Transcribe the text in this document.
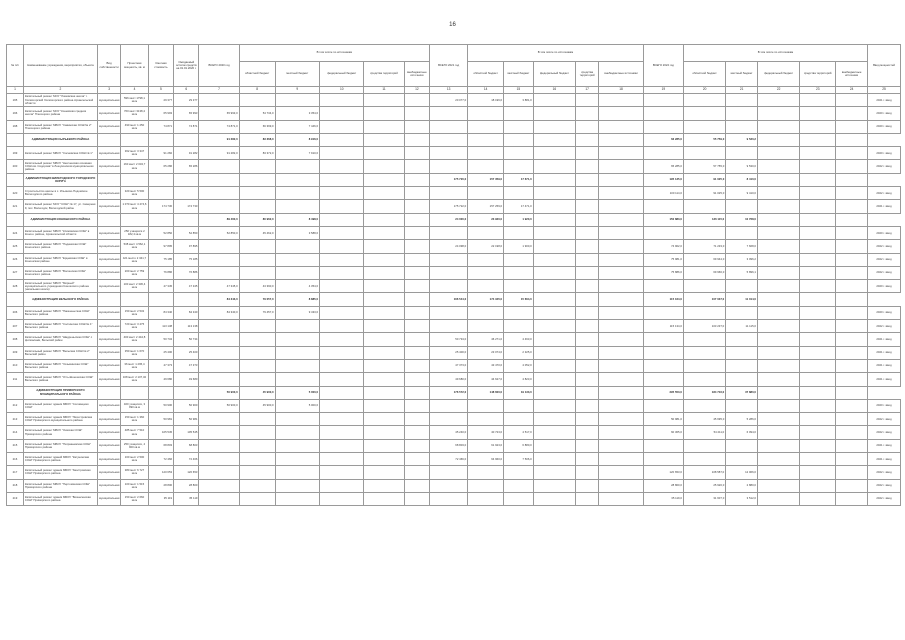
16
№ п/п	Наименование учреждения, мероприятия, объекта	Вид собственности	Проектная мощность, кв. м	Сметная стоимость	Ожидаемый остаток средств на 01.01.2020 г.	ВСЕГО 2020 год	В том числе по источникам					ВСЕГО 2021 год	В том числе по источникам					ВСЕГО 2022 год	В том числе по источникам					Ввод мощностей
							областной бюджет	местный бюджет	федеральный бюджет	средства территорий	внебюджетные источники		областной бюджет	местный бюджет	федеральный бюджет	средства территорий	внебюджетные источники		областной бюджет	местный бюджет	федеральный бюджет	средства территорий	внебюджетные источники	
1	2	3	4	5	6	7	8	9	10	11	12	13	14	15	16	17	18	19	20	21	22	23	24	25
195	Капитальный ремонт МОУ "Ломовская школа" г. Холмогорский Холмогорского района Архангельской области	муниципальная	596 мест 1798,1 кв.м	29 377	29 377							20 077,0	18 196,0	3 881,0										2021 г. ввод
196	Капитальный ремонт МОУ "Коневская средняя школа" Плесецкого района	муниципальная	760 мест 3138,4 кв.м	65 993	65 993	65 993,0	54 734,0	3 354,0																2020 г. ввод
198	Капитальный ремонт МБОУ "Савинская СОШ № 2" Плесецкого района	муниципальная	490 мест 1 250 кв.м	74 871	74 871	74 871,0	66 399,0	7 446,0																2020 г. ввод
	АДМИНИСТРАЦИЯ СЫРЬЕВОГО РАЙОНА					91 282,0	83 368,0	8 916,0										63 285,0	55 759,0	9 530,2				
199	Капитальный ремонт МБОУ "Сосновская СОШ № 1"	муниципальная	362 мест 3 347 кв.м	91 282	91 282	91 282,0	83 372,0	7 910,0																2020 г. ввод
200	Капитальный ремонт МБОУ "Нюхченская основная СОШ им. Сидорова" в Лешуконском муниципальном районе	муниципальная	160 мест 2 034,7 кв.м	65 286	65 286													65 285,0	57 755,0	9 530,0				2022 г. ввод
	АДМИНИСТРАЦИЯ ВИЛЕГОДСКОГО ГОРОДСКОГО ОКРУГА											175 720,0	157 359,0	17 671,0				195 135,0	91 025,0	8 410,0				
220	Строительство школы в с. Ильинско-Подомское Вилегодского района	муниципальная	320 мест 5 500 кв.м															100 114,0	91 025,0	9 410,0				2022 г. ввод
221	Капитальный ремонт МОУ "СОШ" № 17, ул. Северная 9, пос. Вилегодск, Вилегодский район	муниципальная	1 070 мест 4 474,6 кв.м	174 730	174 730							175 722,0	157 259,0	17 471,0										2021 г. ввод
	АДМИНИСТРАЦИЯ КОНОШСКОГО РАЙОНА					89 460,0	80 962,0	8 498,0				24 000,0	23 920,0	1 920,0				150 883,0	136 115,0	10 768,0				
224	Капитальный ремонт МБОУ "Климовская СОШ" в Конош. районе, Архангельской области	муниципальная	250 учащихся 2 182,4 кв.м	52 850	52 850	52 850,0	45 462,0	3 588,0																2020 г. ввод
225	Капитальный ремонт МБОУ "Подюжская СОШ" Коношского района	муниципальная	538 мест 4 562,1 кв.м	97 895	97 895							24 098,0	22 198,0	1 900,0				74 902,0	71 233,0	7 668,0				2022 г. ввод
226	Капитальный ремонт МБОУ "Ерцевская СОШ" в Коношском районе	муниципальная	421 место 2 341,7 кв.м	75 185	75 185													75 981,0	69 944,0	3 096,2				2022 г. ввод
227	Капитальный ремонт МБОУ "Волошская СОШ" Коношского района	муниципальная	200 мест 2 759 кв.м	76 886	76 886													75 886,0	69 966,0	5 896,1				2022 г. ввод
228	Капитальный ремонт МБОУ "Мирный" муниципального учреждения Коношского района (начальная школа)	муниципальная	100 мест 2 336,4 кв.м	47 345	47 345	47 345,0	43 390,0	4 354,0																2020 г. ввод
	АДМИНИСТРАЦИЯ ВЕЛЬСКОГО РАЙОНА					84 343,0	79 057,0	8 885,0				166 544,0	174 345,0	15 664,0				115 164,0	107 037,0	11 014,0				
206	Капитальный ремонт МБОУ "Пакшеньгская СОШ" Вельского района	муниципальная	150 мест 2 532 кв.м	84 340	84 340	84 340,0	79 457,0	9 433,0																2020 г. ввод
207	Капитальный ремонт МБОУ "Солгинская СОШ № 1" Вельского района	муниципальная	720 мест 3 475 кв.м	113 138	113 138													115 134,0	103 237,0	11 115,0				2022 г. ввод
208	Капитальный ремонт МБОУ "Шадреньгская СОШ" с филиалами, Вельский район	муниципальная	400 мест 2 444,8 кв.м	50 734	50 734							50 734,0	46 271,0	4 463,0										2021 г. ввод
209	Капитальный ремонт МБОУ "Вельская СОШ № 2" Вельский район	муниципальная	350 мест 1 670 кв.м	25 400	25 400							25 400,0	23 074,0	2 325,0										2021 г. ввод
210	Капитальный ремонт МБОУ "Хозьминская СОШ" Вельского района	муниципальная	36 мест 1 295,4 кв.м	47 373	47 373							47 373,0	43 470,0	4 052,0										2021 г. ввод
211	Капитальный ремонт МБОУ "Усть-Шоношская СОШ" Вельского района	муниципальная	168 мест 2 107,32 кв.м	49 680	49 680							49 680,0	44 627,0	4 823,0										2021 г. ввод
	АДМИНИСТРАЦИЯ ПРИМОРСКОГО МУНИЦИПАЛЬНОГО РАЙОНА					50 900,0	45 900,0	5 000,0				176 572,0	148 600,0	19 133,0				295 553,0	184 716,0	37 880,0				
212	Капитальный ремонт здания МБОУ "Соловецкая СОШ"	муниципальная	400 учащихся, 3 990 кв.м	50 900	50 900	50 900,0	45 900,0	5 000,0																2020 г. ввод
213	Капитальный ремонт здания МБОУ "Лисестровская СОШ" Приморского муниципального района	муниципальная	150 мест 1 360 кв.м	50 981	50 981													50 981,0	45 695,0	5 286,0				2022 г. ввод
214	Капитальный ремонт МБОУ "Уемская СОШ" Приморского района	муниципальная	485 мест 7 510 кв.м	105 545	105 545							45 240,0	40 723,0	4 517,0				60 305,0	54 211,0	6 094,0				2022 г. ввод
215	Капитальный ремонт МБОУ "Патракеевская СОШ" Приморского района	муниципальная	250 учащихся, 4 900 кв.м	68 803	68 803							68 803,0	61 923,0	6 880,0										2021 г. ввод
216	Капитальный ремонт зданий МБОУ "Катунинская СОШ" Приморского района	муниципальная	160 мест 2 500 кв.м	72 466	72 466							72 466,0	64 960,0	7 506,0										2021 г. ввод
217	Капитальный ремонт здания МБОУ "Заостровская СОШ" Приморского района	муниципальная	380 мест 6 727 кв.м	120 653	120 653													120 653,0	108 587,0	12 066,0				2022 г. ввод
218	Капитальный ремонт МБОУ "Пертоминская СОШ" Приморского района	муниципальная	100 мест 1 515 кв.м	28 800	28 800													28 800,0	25 920,0	2 880,0				2022 г. ввод
219	Капитальный ремонт здания МБОУ "Вознесенская СОШ" Приморского района	муниципальная	150 мест 2 660 кв.м	35 119	35 119													35 119,0	31 607,0	3 512,0				2022 г. ввод
